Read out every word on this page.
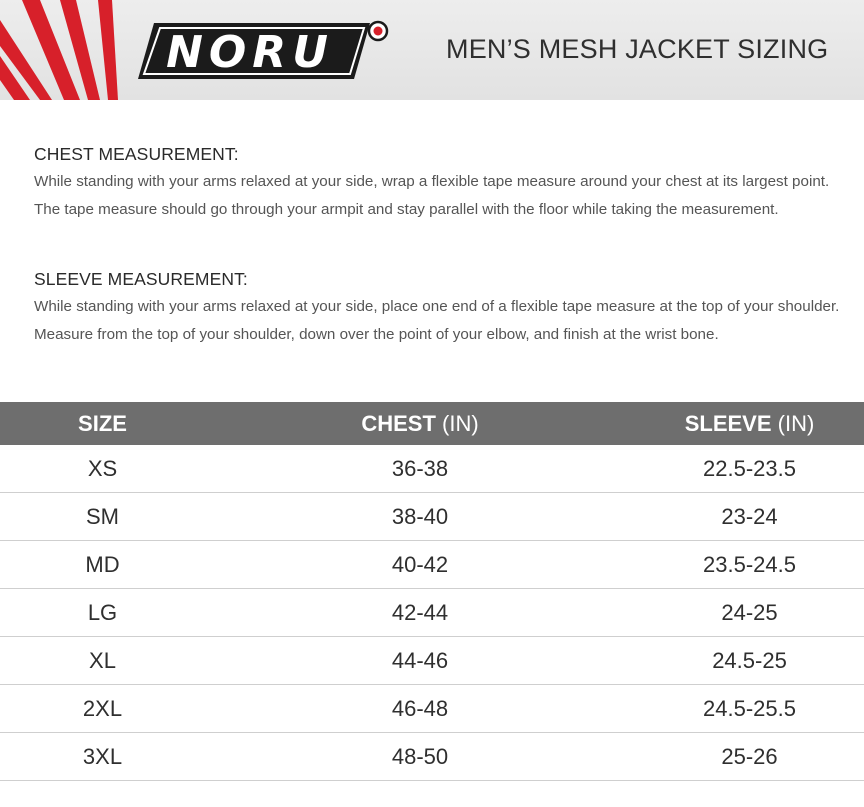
NORU	MEN’S MESH JACKET SIZING
CHEST MEASUREMENT:

While standing with your arms relaxed at your side, wrap a flexible tape measure around your chest at its largest point. The tape measure should go through your armpit and stay parallel with the floor while taking the measurement.

SLEEVE MEASUREMENT:

While standing with your arms relaxed at your side, place one end of a flexible tape measure at the top of your shoulder. Measure from the top of your shoulder, down over the point of your elbow, and finish at the wrist bone.

SIZE	CHEST (IN)	SLEEVE (IN)
XS	36-38	22.5-23.5
SM	38-40	23-24
MD	40-42	23.5-24.5
LG	42-44	24-25
XL	44-46	24.5-25
2XL	46-48	24.5-25.5
3XL	48-50	25-26
